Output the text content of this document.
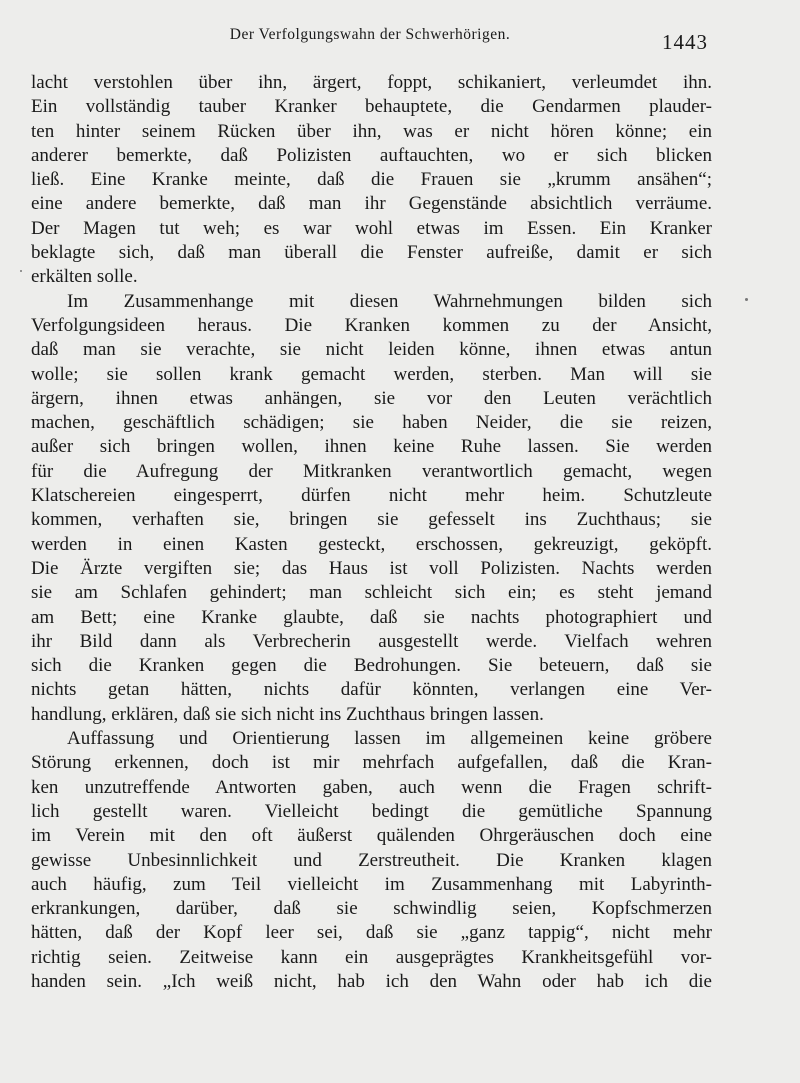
Der Verfolgungswahn der Schwerhörigen.	1443
lacht verstohlen über ihn, ärgert, foppt, schikaniert, verleumdet ihn.
Ein vollständig tauber Kranker behauptete, die Gendarmen plauder-
ten hinter seinem Rücken über ihn, was er nicht hören könne; ein
anderer bemerkte, daß Polizisten auftauchten, wo er sich blicken
ließ. Eine Kranke meinte, daß die Frauen sie „krumm ansähen“;
eine andere bemerkte, daß man ihr Gegenstände absichtlich verräume.
Der Magen tut weh; es war wohl etwas im Essen. Ein Kranker
beklagte sich, daß man überall die Fenster aufreiße, damit er sich
erkälten solle.
Im Zusammenhange mit diesen Wahrnehmungen bilden sich
Verfolgungsideen heraus. Die Kranken kommen zu der Ansicht,
daß man sie verachte, sie nicht leiden könne, ihnen etwas antun
wolle; sie sollen krank gemacht werden, sterben. Man will sie
ärgern, ihnen etwas anhängen, sie vor den Leuten verächtlich
machen, geschäftlich schädigen; sie haben Neider, die sie reizen,
außer sich bringen wollen, ihnen keine Ruhe lassen. Sie werden
für die Aufregung der Mitkranken verantwortlich gemacht, wegen
Klatschereien eingesperrt, dürfen nicht mehr heim. Schutzleute
kommen, verhaften sie, bringen sie gefesselt ins Zuchthaus; sie
werden in einen Kasten gesteckt, erschossen, gekreuzigt, geköpft.
Die Ärzte vergiften sie; das Haus ist voll Polizisten. Nachts werden
sie am Schlafen gehindert; man schleicht sich ein; es steht jemand
am Bett; eine Kranke glaubte, daß sie nachts photographiert und
ihr Bild dann als Verbrecherin ausgestellt werde. Vielfach wehren
sich die Kranken gegen die Bedrohungen. Sie beteuern, daß sie
nichts getan hätten, nichts dafür könnten, verlangen eine Ver-
handlung, erklären, daß sie sich nicht ins Zuchthaus bringen lassen.
Auffassung und Orientierung lassen im allgemeinen keine gröbere
Störung erkennen, doch ist mir mehrfach aufgefallen, daß die Kran-
ken unzutreffende Antworten gaben, auch wenn die Fragen schrift-
lich gestellt waren. Vielleicht bedingt die gemütliche Spannung
im Verein mit den oft äußerst quälenden Ohrgeräuschen doch eine
gewisse Unbesinnlichkeit und Zerstreutheit. Die Kranken klagen
auch häufig, zum Teil vielleicht im Zusammenhang mit Labyrinth-
erkrankungen, darüber, daß sie schwindlig seien, Kopfschmerzen
hätten, daß der Kopf leer sei, daß sie „ganz tappig“, nicht mehr
richtig seien. Zeitweise kann ein ausgeprägtes Krankheitsgefühl vor-
handen sein. „Ich weiß nicht, hab ich den Wahn oder hab ich die
